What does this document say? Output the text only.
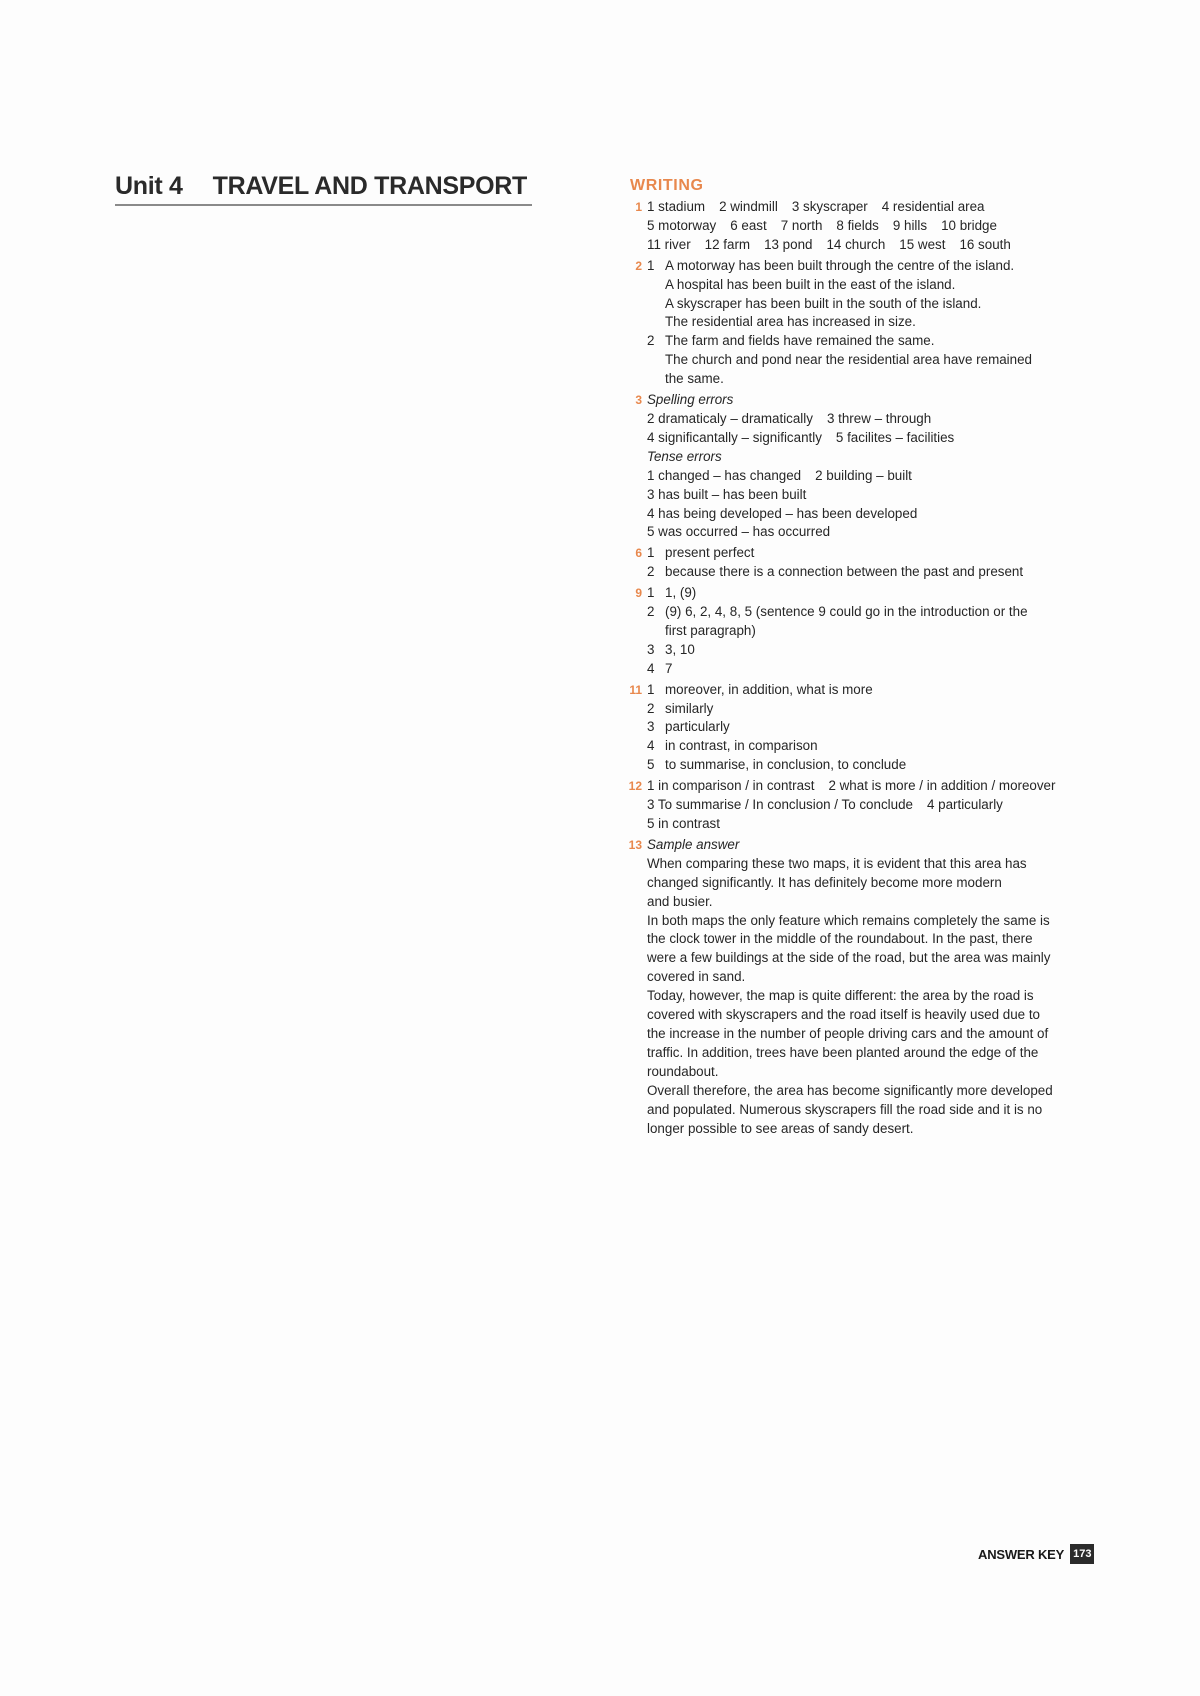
Unit 4 TRAVEL AND TRANSPORT	WRITING
1 1 stadium 2 windmill 3 skyscraper 4 residential area
5 motorway 6 east 7 north 8 fields 9 hills 10 bridge
11 river 12 farm 13 pond 14 church 15 west 16 south
2 1 A motorway has been built through the centre of the island.
A hospital has been built in the east of the island.
A skyscraper has been built in the south of the island.
The residential area has increased in size.
2 The farm and fields have remained the same.
The church and pond near the residential area have remained
the same.
3 Spelling errors
2 dramaticaly – dramatically 3 threw – through
4 significantally – significantly 5 facilites – facilities
Tense errors
1 changed – has changed 2 building – built
3 has built – has been built
4 has being developed – has been developed
5 was occurred – has occurred
6 1 present perfect
2 because there is a connection between the past and present
9 1 1, (9)
2 (9) 6, 2, 4, 8, 5 (sentence 9 could go in the introduction or the
first paragraph)
3 3, 10
4 7
11 1 moreover, in addition, what is more
2 similarly
3 particularly
4 in contrast, in comparison
5 to summarise, in conclusion, to conclude
12 1 in comparison / in contrast 2 what is more / in addition / moreover
3 To summarise / In conclusion / To conclude 4 particularly
5 in contrast
13 Sample answer
When comparing these two maps, it is evident that this area has
changed significantly. It has definitely become more modern
and busier.
In both maps the only feature which remains completely the same is
the clock tower in the middle of the roundabout. In the past, there
were a few buildings at the side of the road, but the area was mainly
covered in sand.
Today, however, the map is quite different: the area by the road is
covered with skyscrapers and the road itself is heavily used due to
the increase in the number of people driving cars and the amount of
traffic. In addition, trees have been planted around the edge of the
roundabout.
Overall therefore, the area has become significantly more developed
and populated. Numerous skyscrapers fill the road side and it is no
longer possible to see areas of sandy desert.
ANSWER KEY 173
